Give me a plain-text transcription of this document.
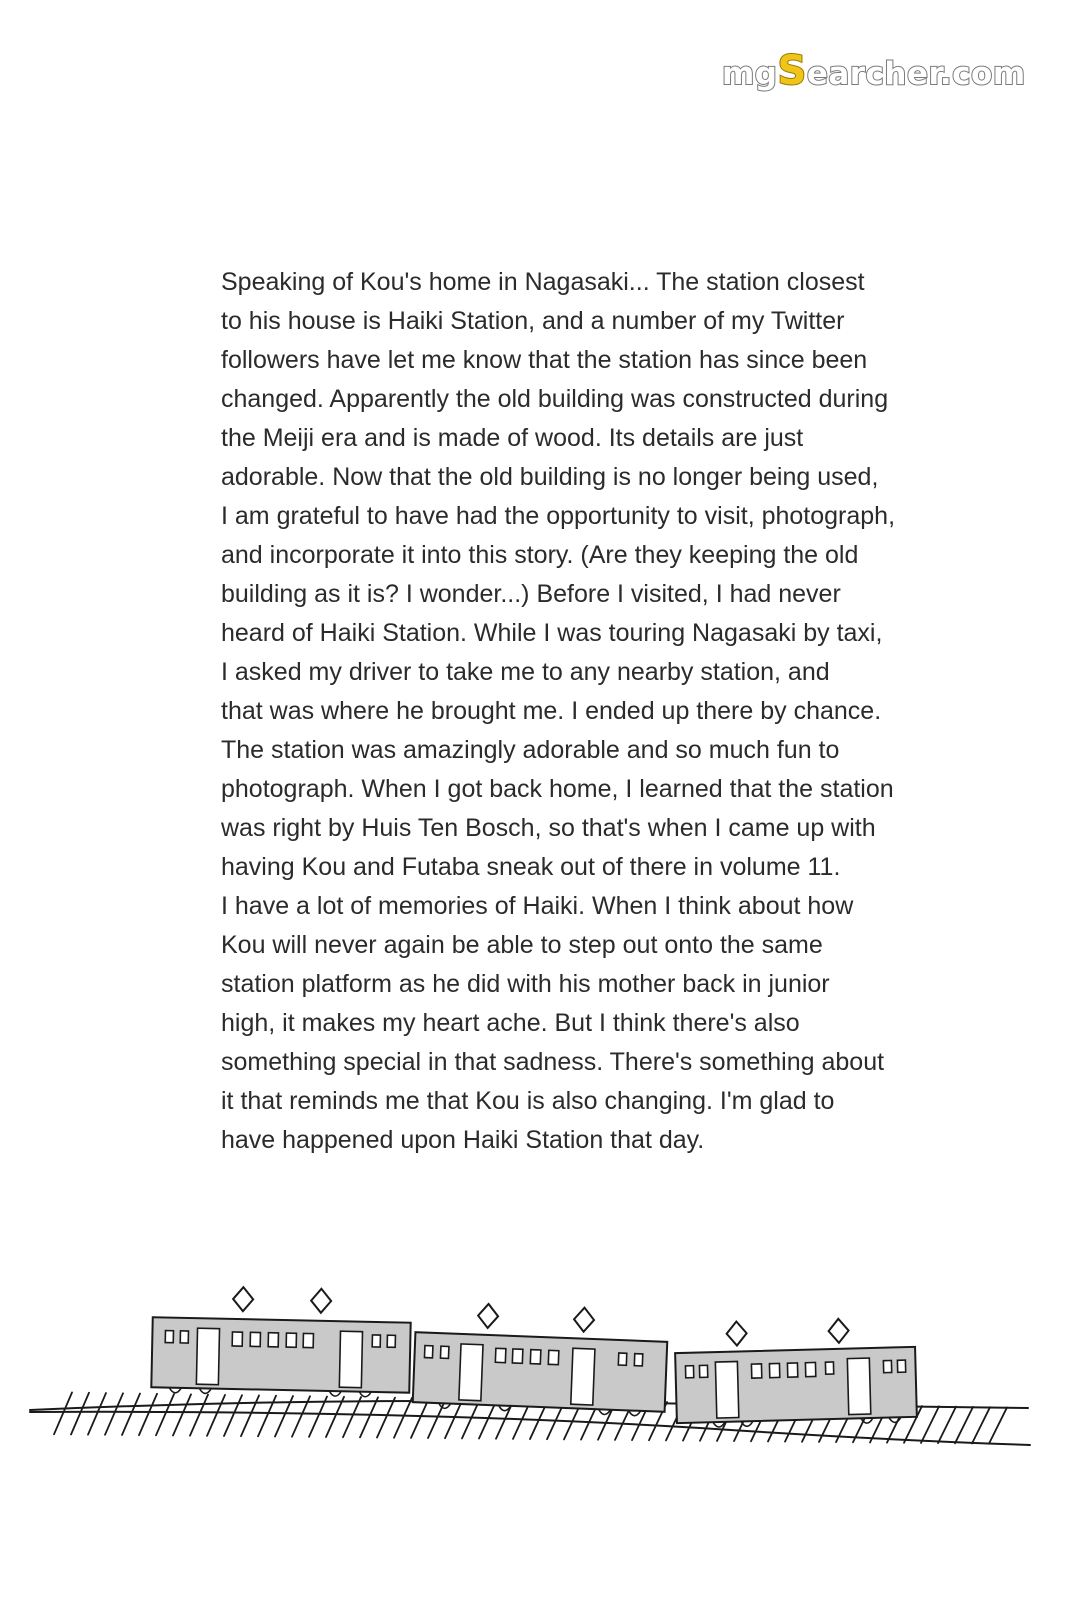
mgSearcher.com
Speaking of Kou's home in Nagasaki... The station closest
to his house is Haiki Station, and a number of my Twitter
followers have let me know that the station has since been
changed. Apparently the old building was constructed during
the Meiji era and is made of wood. Its details are just
adorable. Now that the old building is no longer being used,
I am grateful to have had the opportunity to visit, photograph,
and incorporate it into this story. (Are they keeping the old
building as it is? I wonder...) Before I visited, I had never
heard of Haiki Station. While I was touring Nagasaki by taxi,
I asked my driver to take me to any nearby station, and
that was where he brought me. I ended up there by chance.
The station was amazingly adorable and so much fun to
photograph. When I got back home, I learned that the station
was right by Huis Ten Bosch, so that's when I came up with
having Kou and Futaba sneak out of there in volume 11.
I have a lot of memories of Haiki. When I think about how
Kou will never again be able to step out onto the same
station platform as he did with his mother back in junior
high, it makes my heart ache. But I think there's also
something special in that sadness. There's something about
it that reminds me that Kou is also changing. I'm glad to
have happened upon Haiki Station that day.
